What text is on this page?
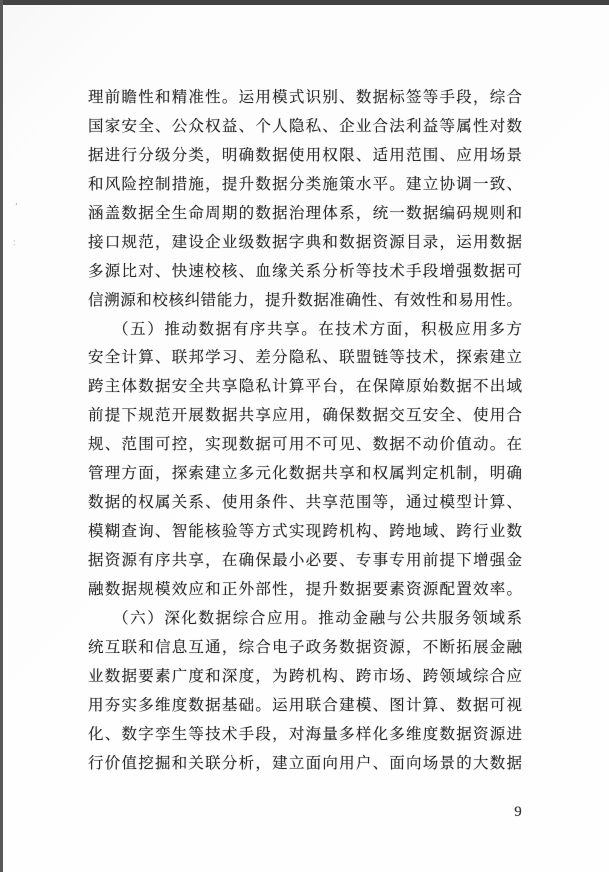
理前瞻性和精准性。运用模式识别、数据标签等手段，综合
国家安全、公众权益、个人隐私、企业合法利益等属性对数
据进行分级分类，明确数据使用权限、适用范围、应用场景
和风险控制措施，提升数据分类施策水平。建立协调一致、
涵盖数据全生命周期的数据治理体系，统一数据编码规则和
接口规范，建设企业级数据字典和数据资源目录，运用数据
多源比对、快速校核、血缘关系分析等技术手段增强数据可
信溯源和校核纠错能力，提升数据准确性、有效性和易用性。
（五）推动数据有序共享。在技术方面，积极应用多方
安全计算、联邦学习、差分隐私、联盟链等技术，探索建立
跨主体数据安全共享隐私计算平台，在保障原始数据不出域
前提下规范开展数据共享应用，确保数据交互安全、使用合
规、范围可控，实现数据可用不可见、数据不动价值动。在
管理方面，探索建立多元化数据共享和权属判定机制，明确
数据的权属关系、使用条件、共享范围等，通过模型计算、
模糊查询、智能核验等方式实现跨机构、跨地域、跨行业数
据资源有序共享，在确保最小必要、专事专用前提下增强金
融数据规模效应和正外部性，提升数据要素资源配置效率。
（六）深化数据综合应用。推动金融与公共服务领域系
统互联和信息互通，综合电子政务数据资源，不断拓展金融
业数据要素广度和深度，为跨机构、跨市场、跨领域综合应
用夯实多维度数据基础。运用联合建模、图计算、数据可视
化、数字孪生等技术手段，对海量多样化多维度数据资源进
行价值挖掘和关联分析，建立面向用户、面向场景的大数据
9
ʹ
ː
